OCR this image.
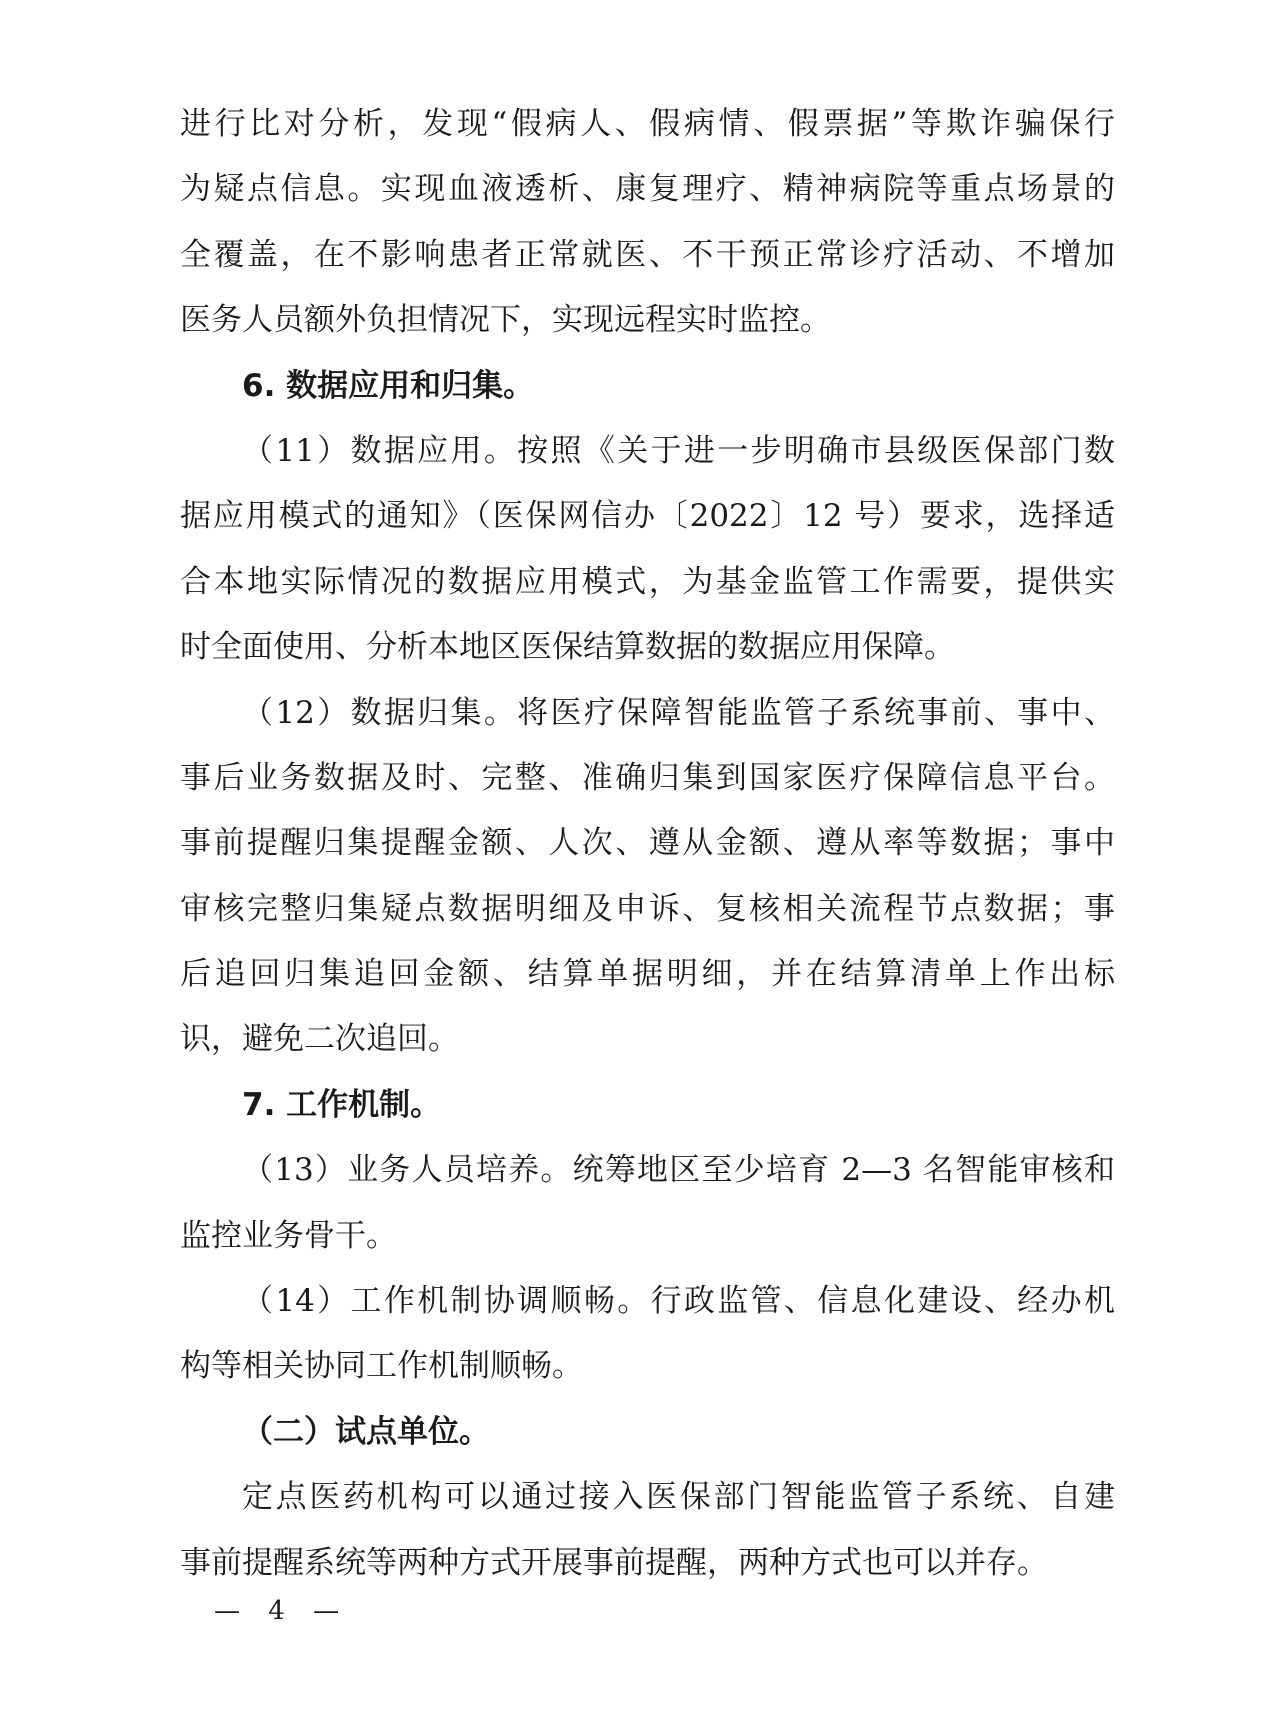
进行比对分析，发现“假病人、假病情、假票据”等欺诈骗保行
为疑点信息。实现血液透析、康复理疗、精神病院等重点场景的
全覆盖，在不影响患者正常就医、不干预正常诊疗活动、不增加
医务人员额外负担情况下，实现远程实时监控。
6. 数据应用和归集。
（11）数据应用。按照《关于进一步明确市县级医保部门数
据应用模式的通知》（医保网信办〔2022〕12 号）要求，选择适
合本地实际情况的数据应用模式，为基金监管工作需要，提供实
时全面使用、分析本地区医保结算数据的数据应用保障。
（12）数据归集。将医疗保障智能监管子系统事前、事中、
事后业务数据及时、完整、准确归集到国家医疗保障信息平台。
事前提醒归集提醒金额、人次、遵从金额、遵从率等数据；事中
审核完整归集疑点数据明细及申诉、复核相关流程节点数据；事
后追回归集追回金额、结算单据明细，并在结算清单上作出标
识，避免二次追回。
7. 工作机制。
（13）业务人员培养。统筹地区至少培育 2—3 名智能审核和
监控业务骨干。
（14）工作机制协调顺畅。行政监管、信息化建设、经办机
构等相关协同工作机制顺畅。
（二）试点单位。
定点医药机构可以通过接入医保部门智能监管子系统、自建
事前提醒系统等两种方式开展事前提醒，两种方式也可以并存。
— 4 —
